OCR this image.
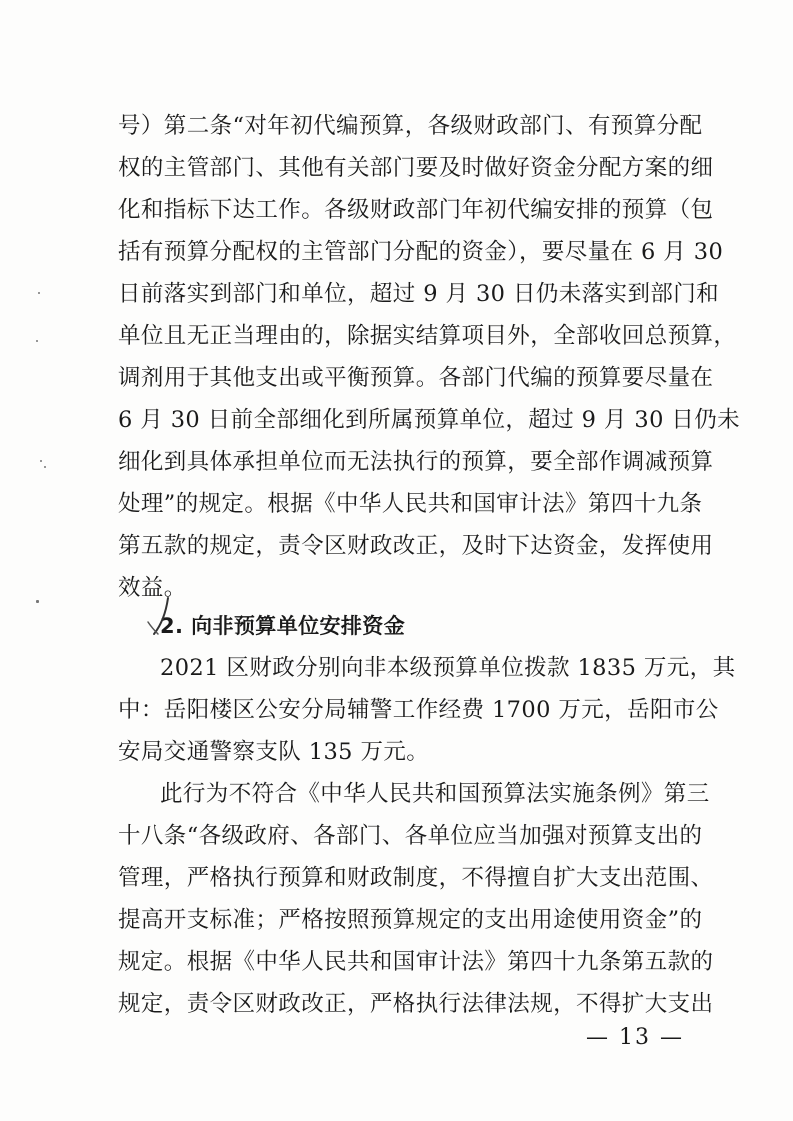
号）第二条“对年初代编预算，各级财政部门、有预算分配
权的主管部门、其他有关部门要及时做好资金分配方案的细
化和指标下达工作。各级财政部门年初代编安排的预算（包
括有预算分配权的主管部门分配的资金），要尽量在 6 月 30
日前落实到部门和单位，超过 9 月 30 日仍未落实到部门和
单位且无正当理由的，除据实结算项目外，全部收回总预算，
调剂用于其他支出或平衡预算。各部门代编的预算要尽量在
6 月 30 日前全部细化到所属预算单位，超过 9 月 30 日仍未
细化到具体承担单位而无法执行的预算，要全部作调减预算
处理”的规定。根据《中华人民共和国审计法》第四十九条
第五款的规定，责令区财政改正，及时下达资金，发挥使用
效益。
2. 向非预算单位安排资金
2021 区财政分别向非本级预算单位拨款 1835 万元，其
中：岳阳楼区公安分局辅警工作经费 1700 万元，岳阳市公
安局交通警察支队 135 万元。
此行为不符合《中华人民共和国预算法实施条例》第三
十八条“各级政府、各部门、各单位应当加强对预算支出的
管理，严格执行预算和财政制度，不得擅自扩大支出范围、
提高开支标准；严格按照预算规定的支出用途使用资金”的
规定。根据《中华人民共和国审计法》第四十九条第五款的
规定，责令区财政改正，严格执行法律法规，不得扩大支出
— 13 —
